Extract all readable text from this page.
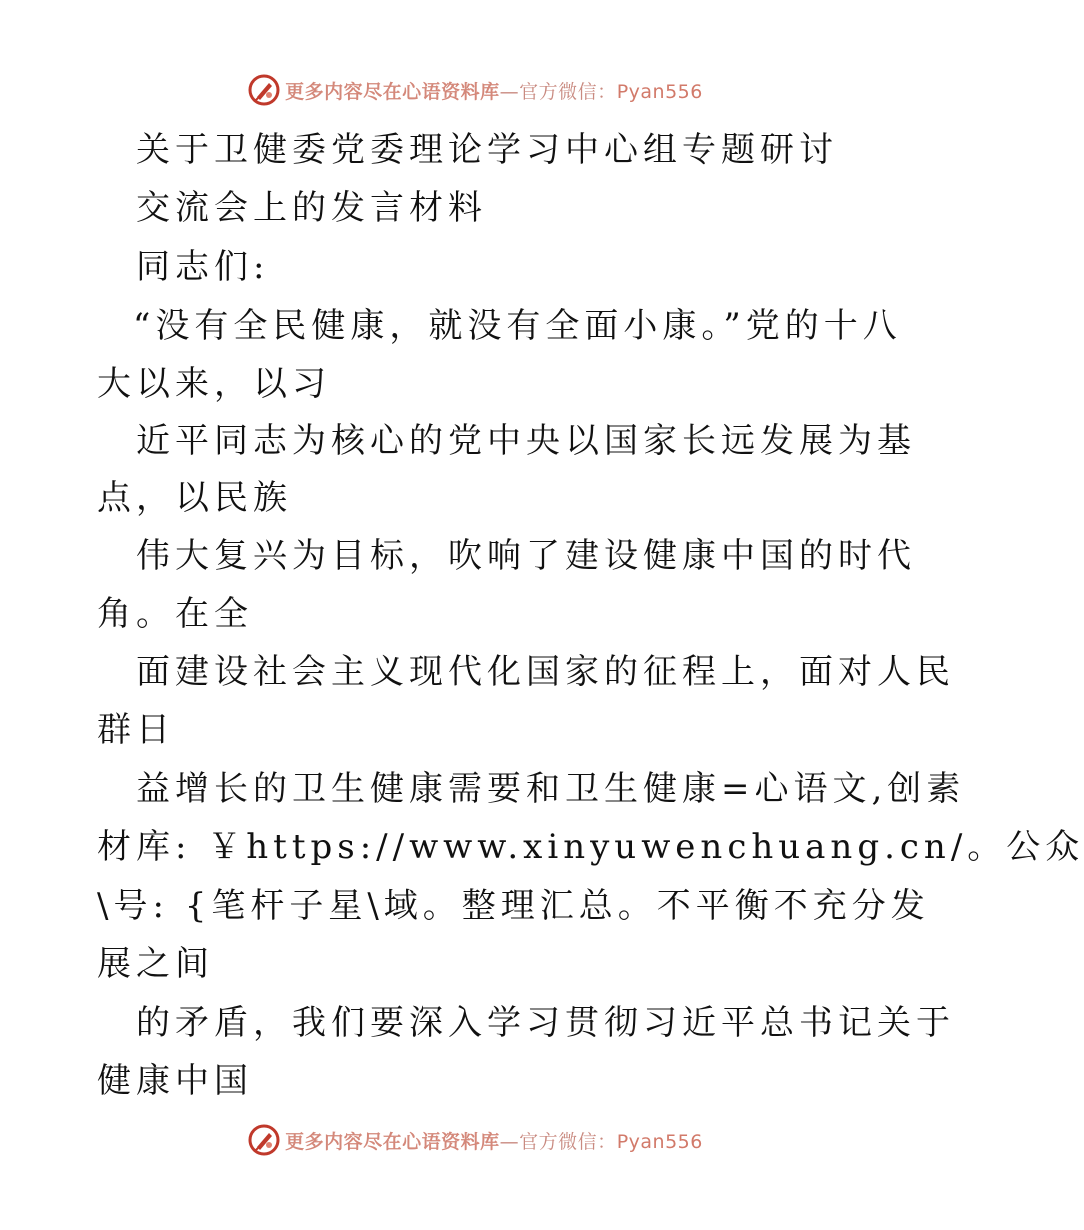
更多内容尽在心语资料库—官方微信：Pyan556
关于卫健委党委理论学习中心组专题研讨
交流会上的发言材料
同志们:
“没有全民健康，就没有全面小康。”党的十八
大以来，以习
近平同志为核心的党中央以国家长远发展为基
点，以民族
伟大复兴为目标，吹响了建设健康中国的时代
角。在全
面建设社会主义现代化国家的征程上，面对人民
群日
益增长的卫生健康需要和卫生健康=心语文,创素
材库: ￥https://www.xinyuwenchuang.cn/。公众
\号: {笔杆子星\域。整理汇总。不平衡不充分发
展之间
的矛盾，我们要深入学习贯彻习近平总书记关于
健康中国
更多内容尽在心语资料库—官方微信：Pyan556
